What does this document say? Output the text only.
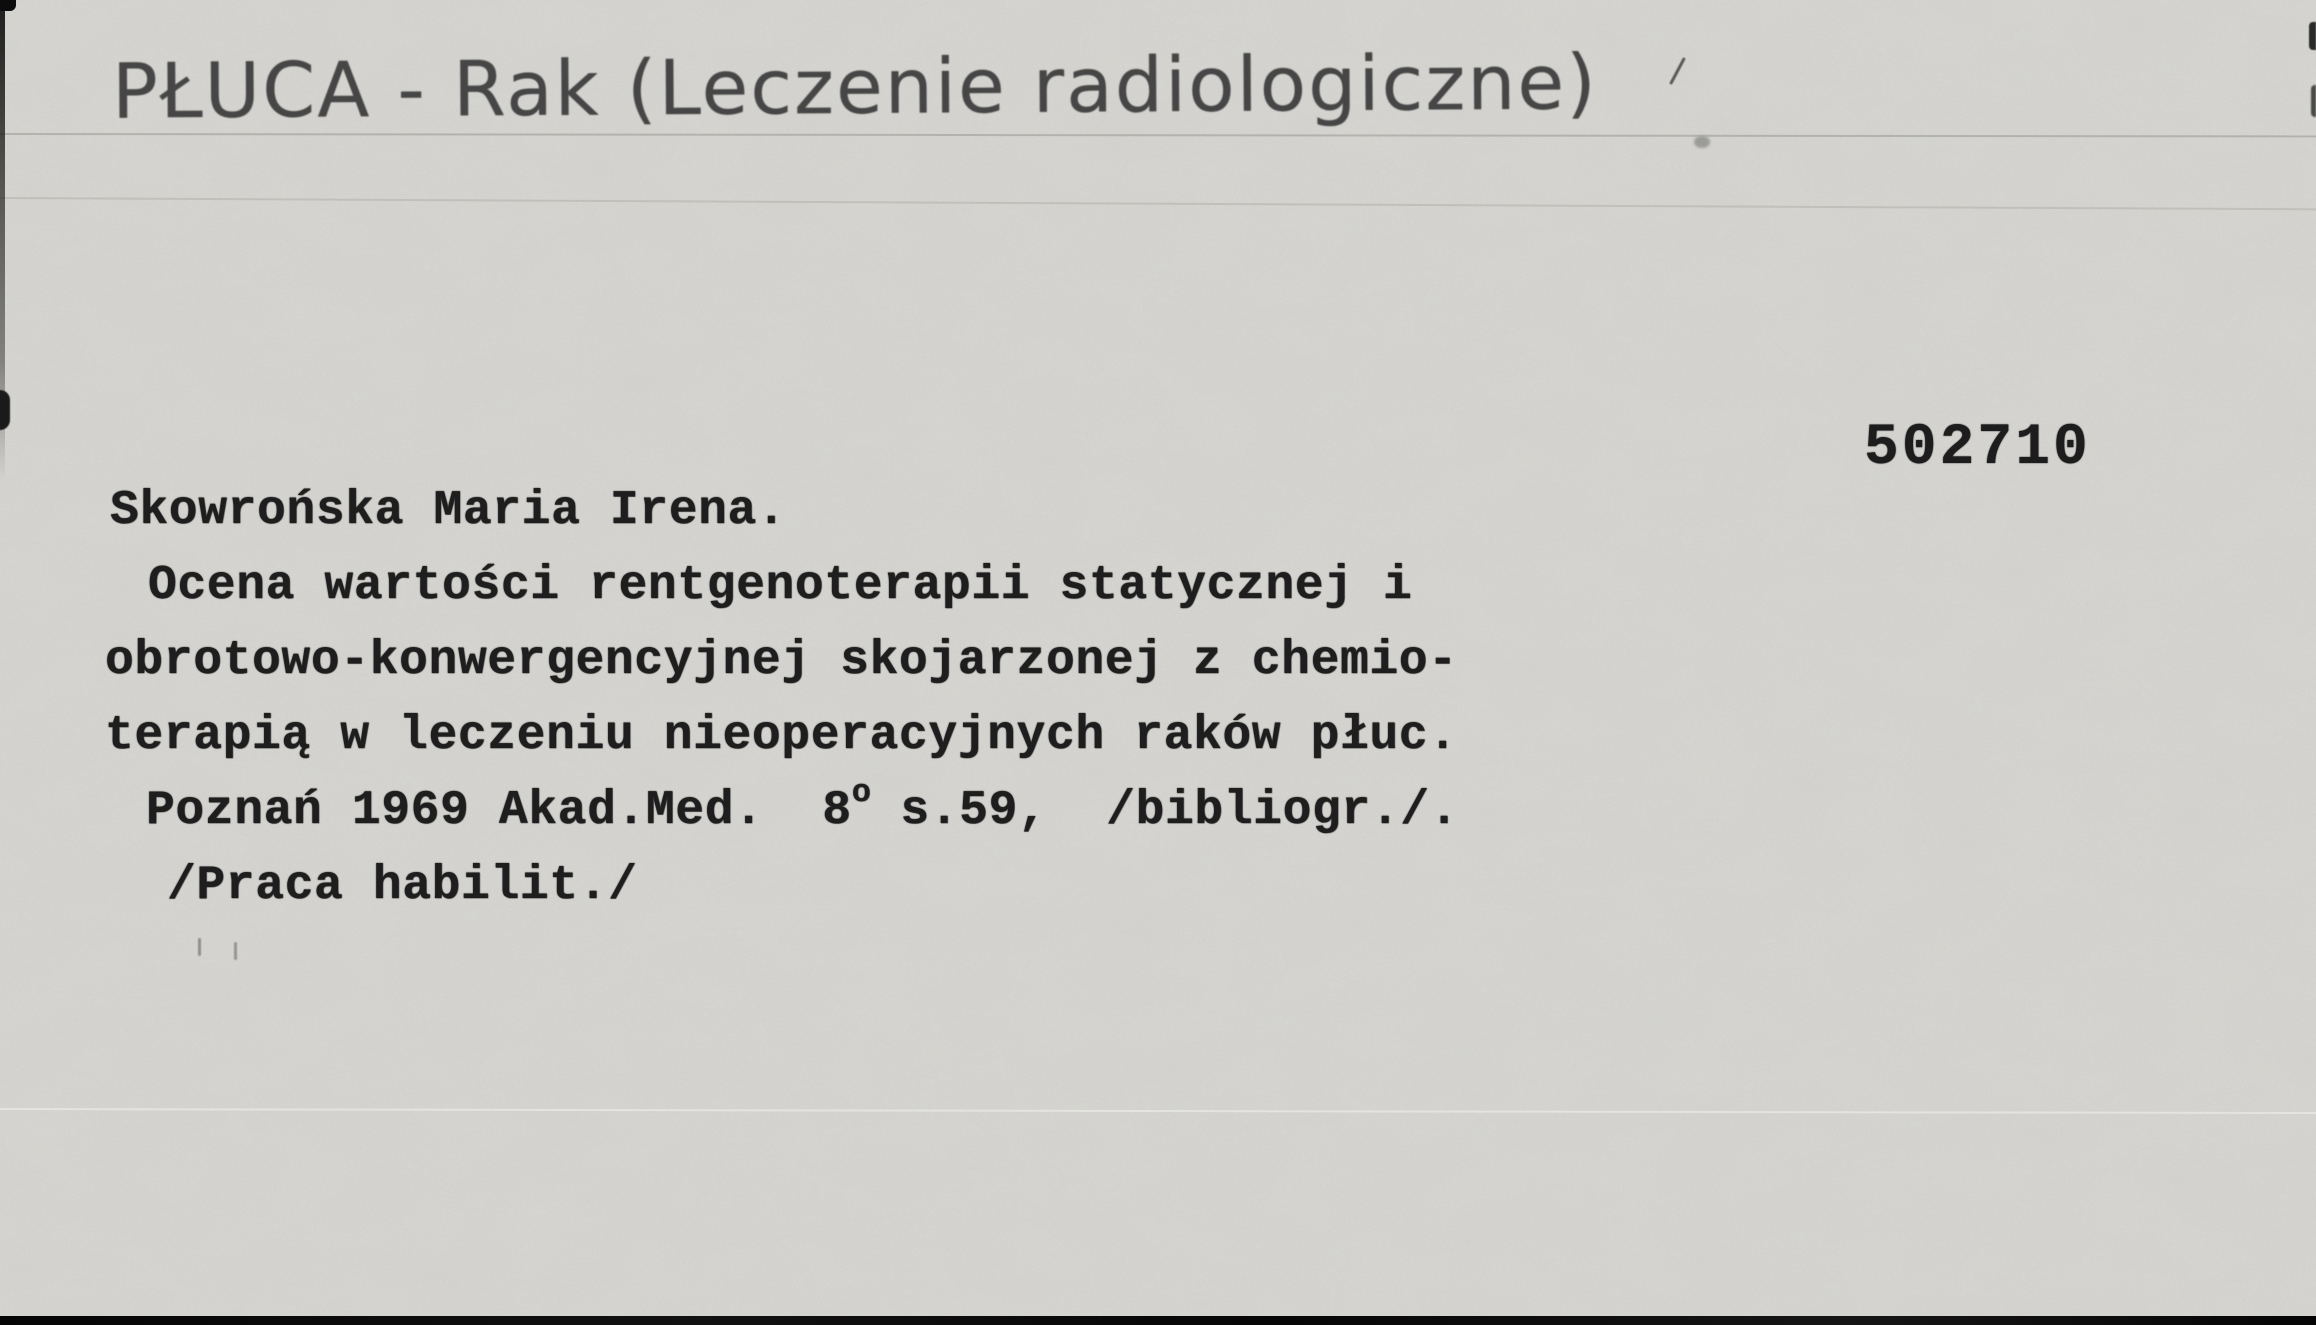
PŁUCA - Rak (Leczenie radiologiczne)
502710
Skowrońska Maria Irena.
Ocena wartości rentgenoterapii statycznej i
obrotowo-konwergencyjnej skojarzonej z chemio-
terapią w leczeniu nieoperacyjnych raków płuc.
Poznań 1969 Akad.Med.  8$^o$ s.59,  /bibliogr./.
/Praca habilit./
